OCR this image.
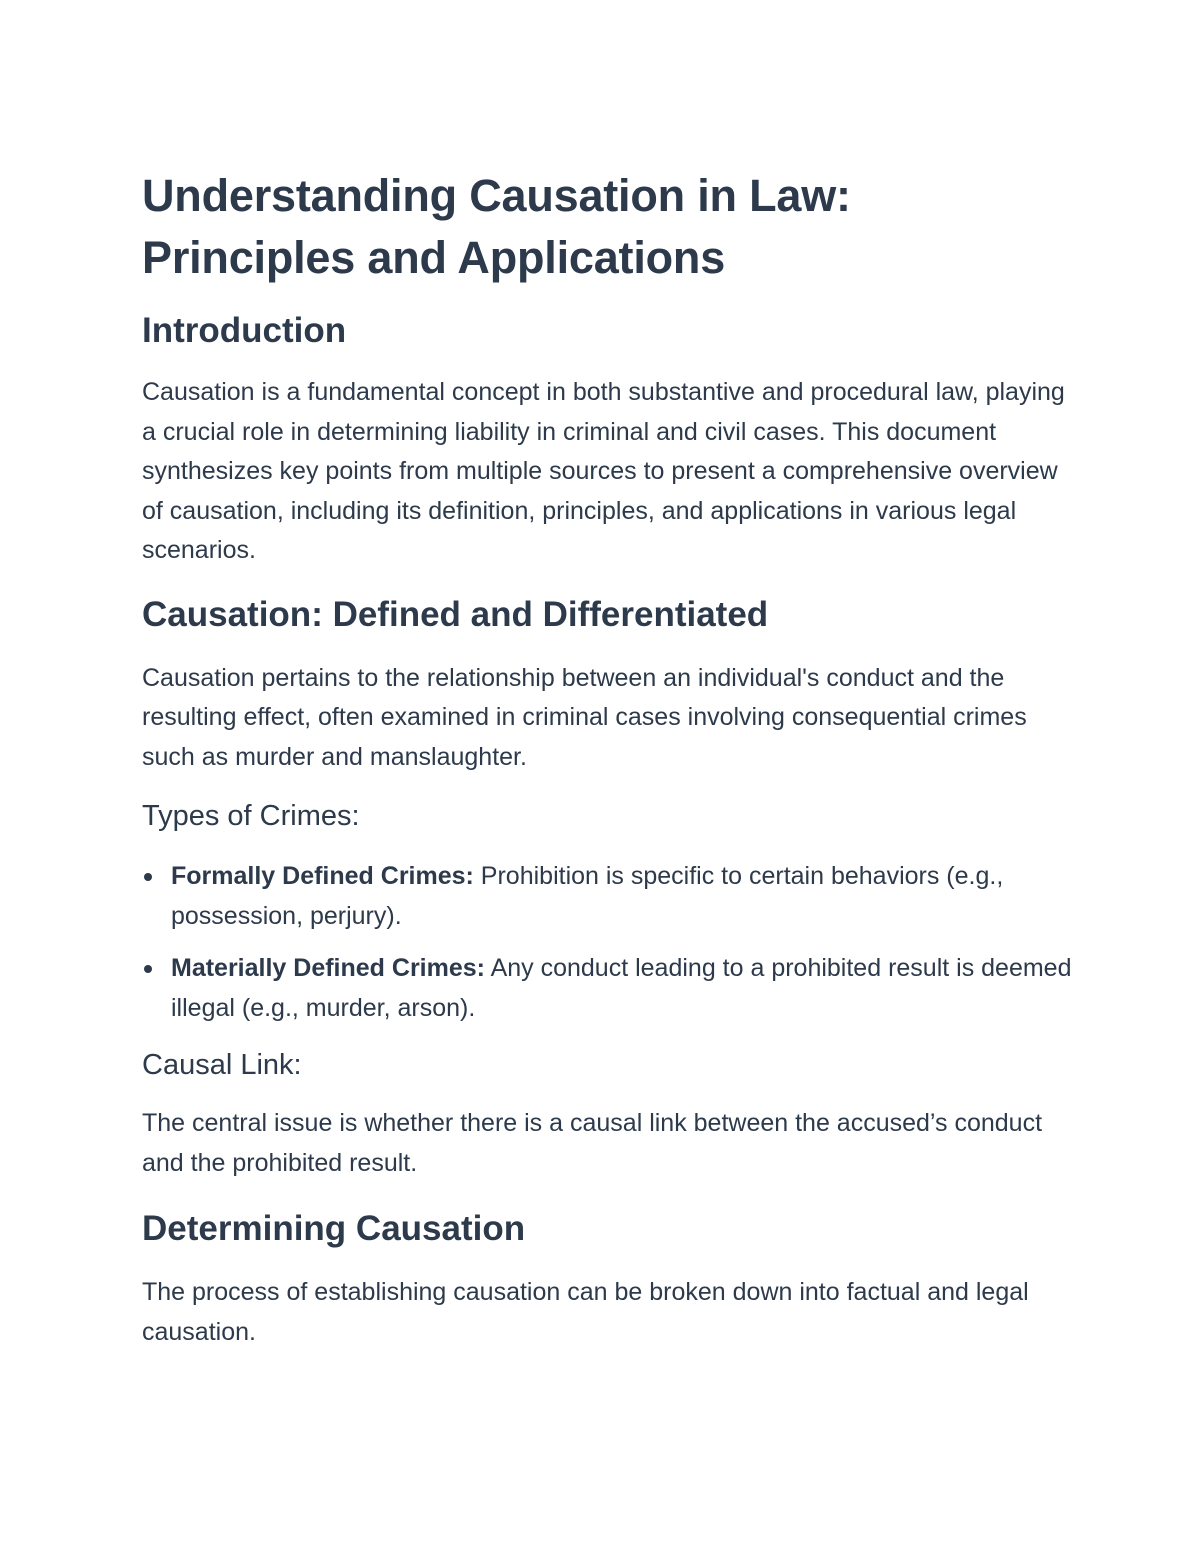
Understanding Causation in Law: Principles and Applications
Introduction

Causation is a fundamental concept in both substantive and procedural law, playing a crucial role in determining liability in criminal and civil cases. This document synthesizes key points from multiple sources to present a comprehensive overview of causation, including its definition, principles, and applications in various legal scenarios.

Causation: Defined and Differentiated

Causation pertains to the relationship between an individual's conduct and the resulting effect, often examined in criminal cases involving consequential crimes such as murder and manslaughter.

Types of Crimes:
Formally Defined Crimes: Prohibition is specific to certain behaviors (e.g., possession, perjury).
Materially Defined Crimes: Any conduct leading to a prohibited result is deemed illegal (e.g., murder, arson).
Causal Link:

The central issue is whether there is a causal link between the accused’s conduct and the prohibited result.

Determining Causation

The process of establishing causation can be broken down into factual and legal causation.
